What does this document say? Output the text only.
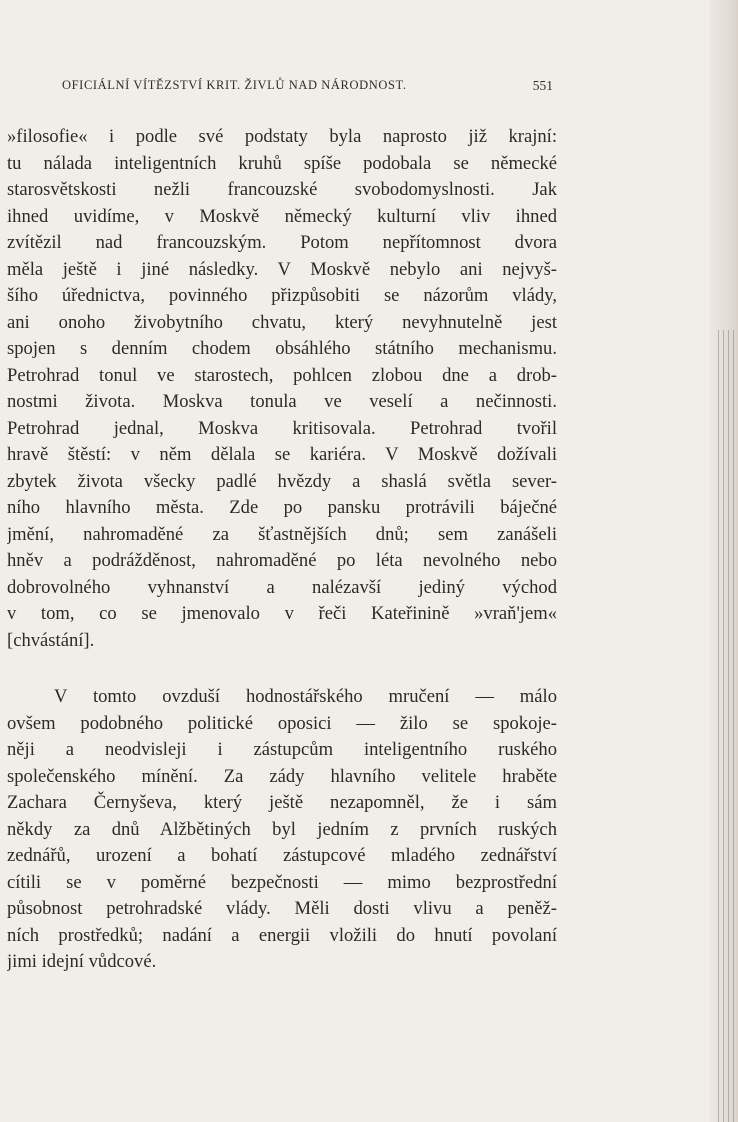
OFICIÁLNÍ VÍTĚZSTVÍ KRIT. ŽIVLŮ NAD NÁRODNOST.	551
»filosofie« i podle své podstaty byla naprosto již krajní:
tu nálada inteligentních kruhů spíše podobala se německé
starosvětskosti nežli francouzské svobodomyslnosti. Jak
ihned uvidíme, v Moskvě německý kulturní vliv ihned
zvítězil nad francouzským. Potom nepřítomnost dvora
měla ještě i jiné následky. V Moskvě nebylo ani nejvyš-
šího úřednictva, povinného přizpůsobiti se názorům vlády,
ani onoho živobytního chvatu, který nevyhnutelně jest
spojen s denním chodem obsáhlého státního mechanismu.
Petrohrad tonul ve starostech, pohlcen zlobou dne a drob-
nostmi života. Moskva tonula ve veselí a nečinnosti.
Petrohrad jednal, Moskva kritisovala. Petrohrad tvořil
hravě štěstí: v něm dělala se kariéra. V Moskvě dožívali
zbytek života všecky padlé hvězdy a shaslá světla sever-
ního hlavního města. Zde po pansku protrávili báječné
jmění, nahromaděné za šťastnějších dnů; sem zanášeli
hněv a podrážděnost, nahromaděné po léta nevolného nebo
dobrovolného vyhnanství a nalézavší jediný východ
v tom, co se jmenovalo v řeči Kateřinině »vraň'jem«
[chvástání].
V tomto ovzduší hodnostářského mručení — málo
ovšem podobného politické oposici — žilo se spokoje-
něji a neodvisleji i zástupcům inteligentního ruského
společenského mínění. Za zády hlavního velitele hraběte
Zachara Černyševa, který ještě nezapomněl, že i sám
někdy za dnů Alžbětiných byl jedním z prvních ruských
zednářů, urození a bohatí zástupcové mladého zednářství
cítili se v poměrné bezpečnosti — mimo bezprostřední
působnost petrohradské vlády. Měli dosti vlivu a peněž-
ních prostředků; nadání a energii vložili do hnutí povolaní
jimi idejní vůdcové.
